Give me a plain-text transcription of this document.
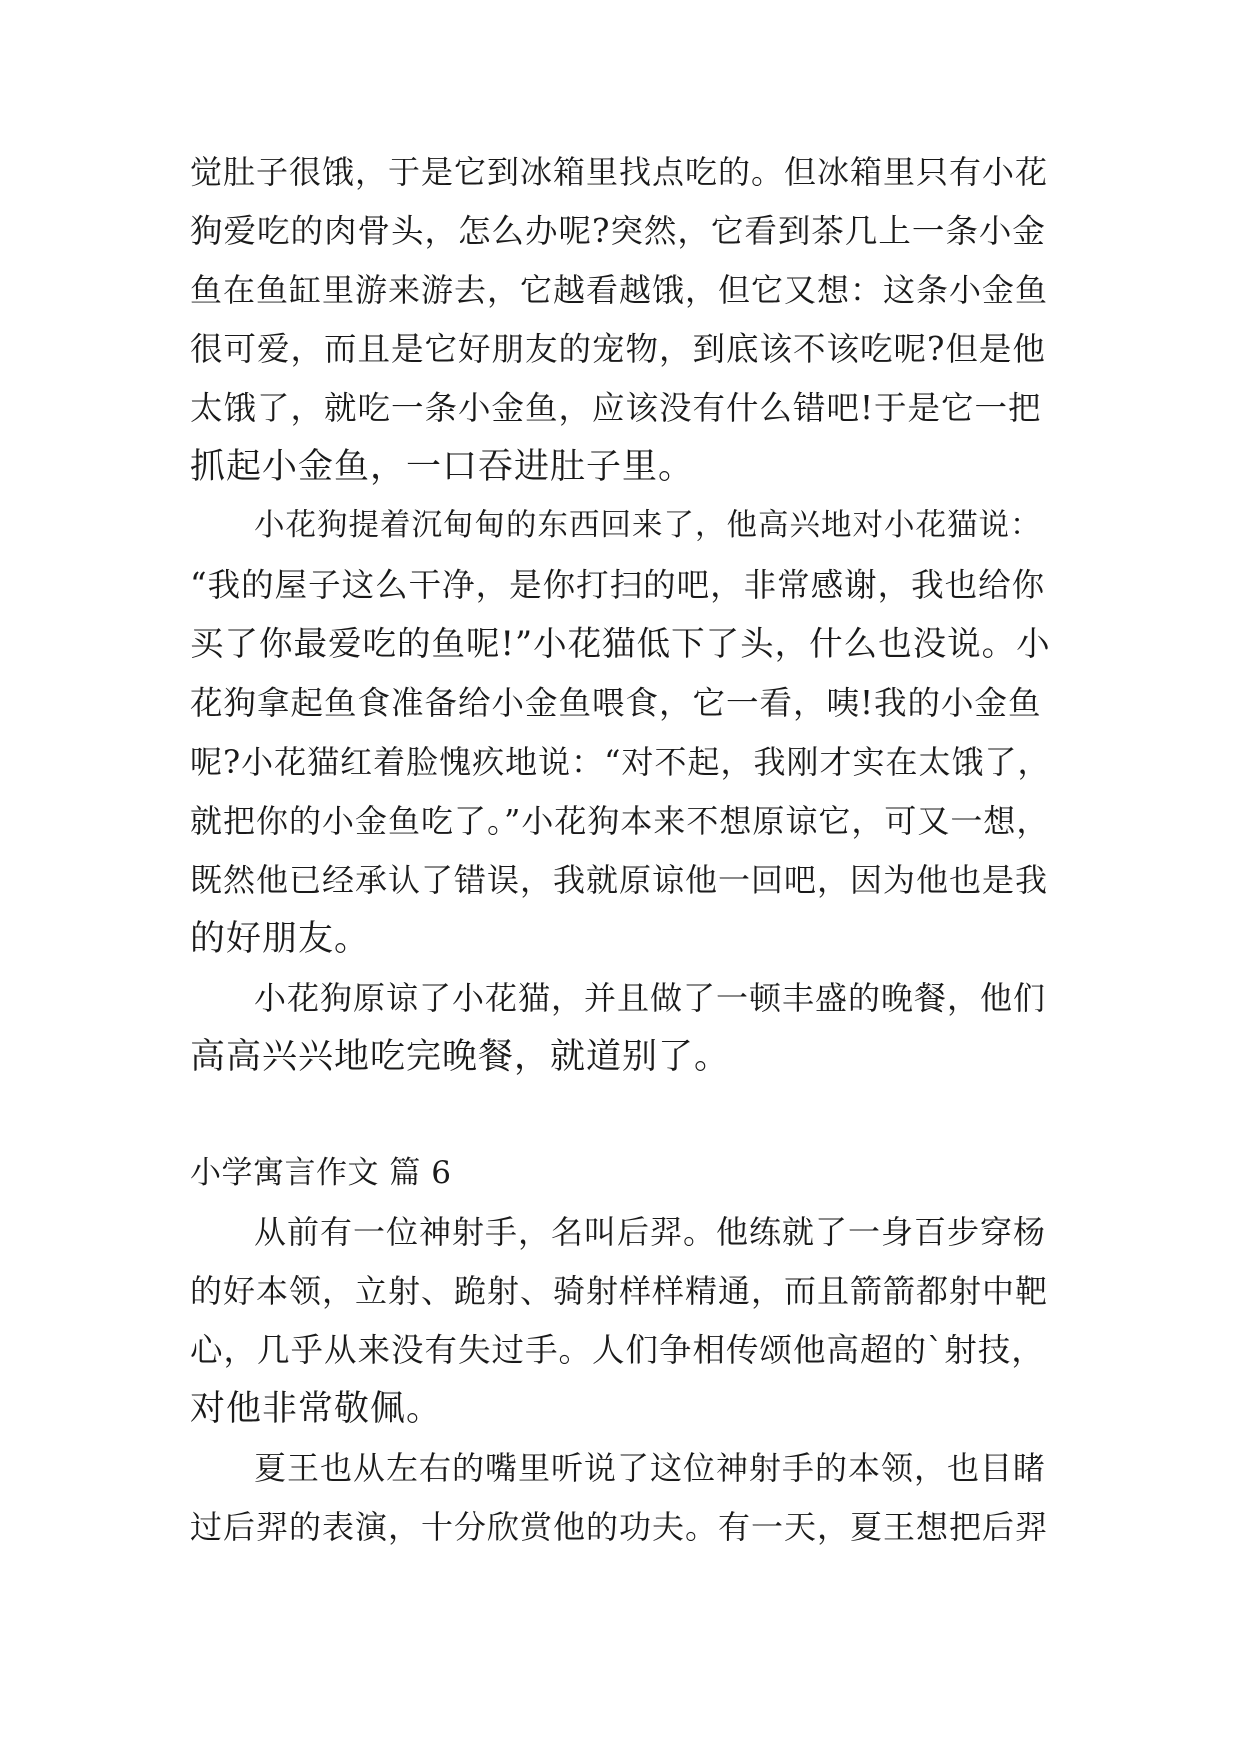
觉肚子很饿，于是它到冰箱里找点吃的。但冰箱里只有小花
狗爱吃的肉骨头，怎么办呢?突然，它看到茶几上一条小金
鱼在鱼缸里游来游去，它越看越饿，但它又想：这条小金鱼
很可爱，而且是它好朋友的宠物，到底该不该吃呢?但是他
太饿了，就吃一条小金鱼，应该没有什么错吧!于是它一把
抓起小金鱼，一口吞进肚子里。
小花狗提着沉甸甸的东西回来了，他高兴地对小花猫说：
“我的屋子这么干净，是你打扫的吧，非常感谢，我也给你
买了你最爱吃的鱼呢!”小花猫低下了头，什么也没说。小
花狗拿起鱼食准备给小金鱼喂食，它一看，咦!我的小金鱼
呢?小花猫红着脸愧疚地说：“对不起，我刚才实在太饿了，
就把你的小金鱼吃了。”小花狗本来不想原谅它，可又一想，
既然他已经承认了错误，我就原谅他一回吧，因为他也是我
的好朋友。
小花狗原谅了小花猫，并且做了一顿丰盛的晚餐，他们
高高兴兴地吃完晚餐，就道别了。
小学寓言作文 篇 6
从前有一位神射手，名叫后羿。他练就了一身百步穿杨
的好本领，立射、跪射、骑射样样精通，而且箭箭都射中靶
心，几乎从来没有失过手。人们争相传颂他高超的`射技，
对他非常敬佩。
夏王也从左右的嘴里听说了这位神射手的本领，也目睹
过后羿的表演，十分欣赏他的功夫。有一天，夏王想把后羿
